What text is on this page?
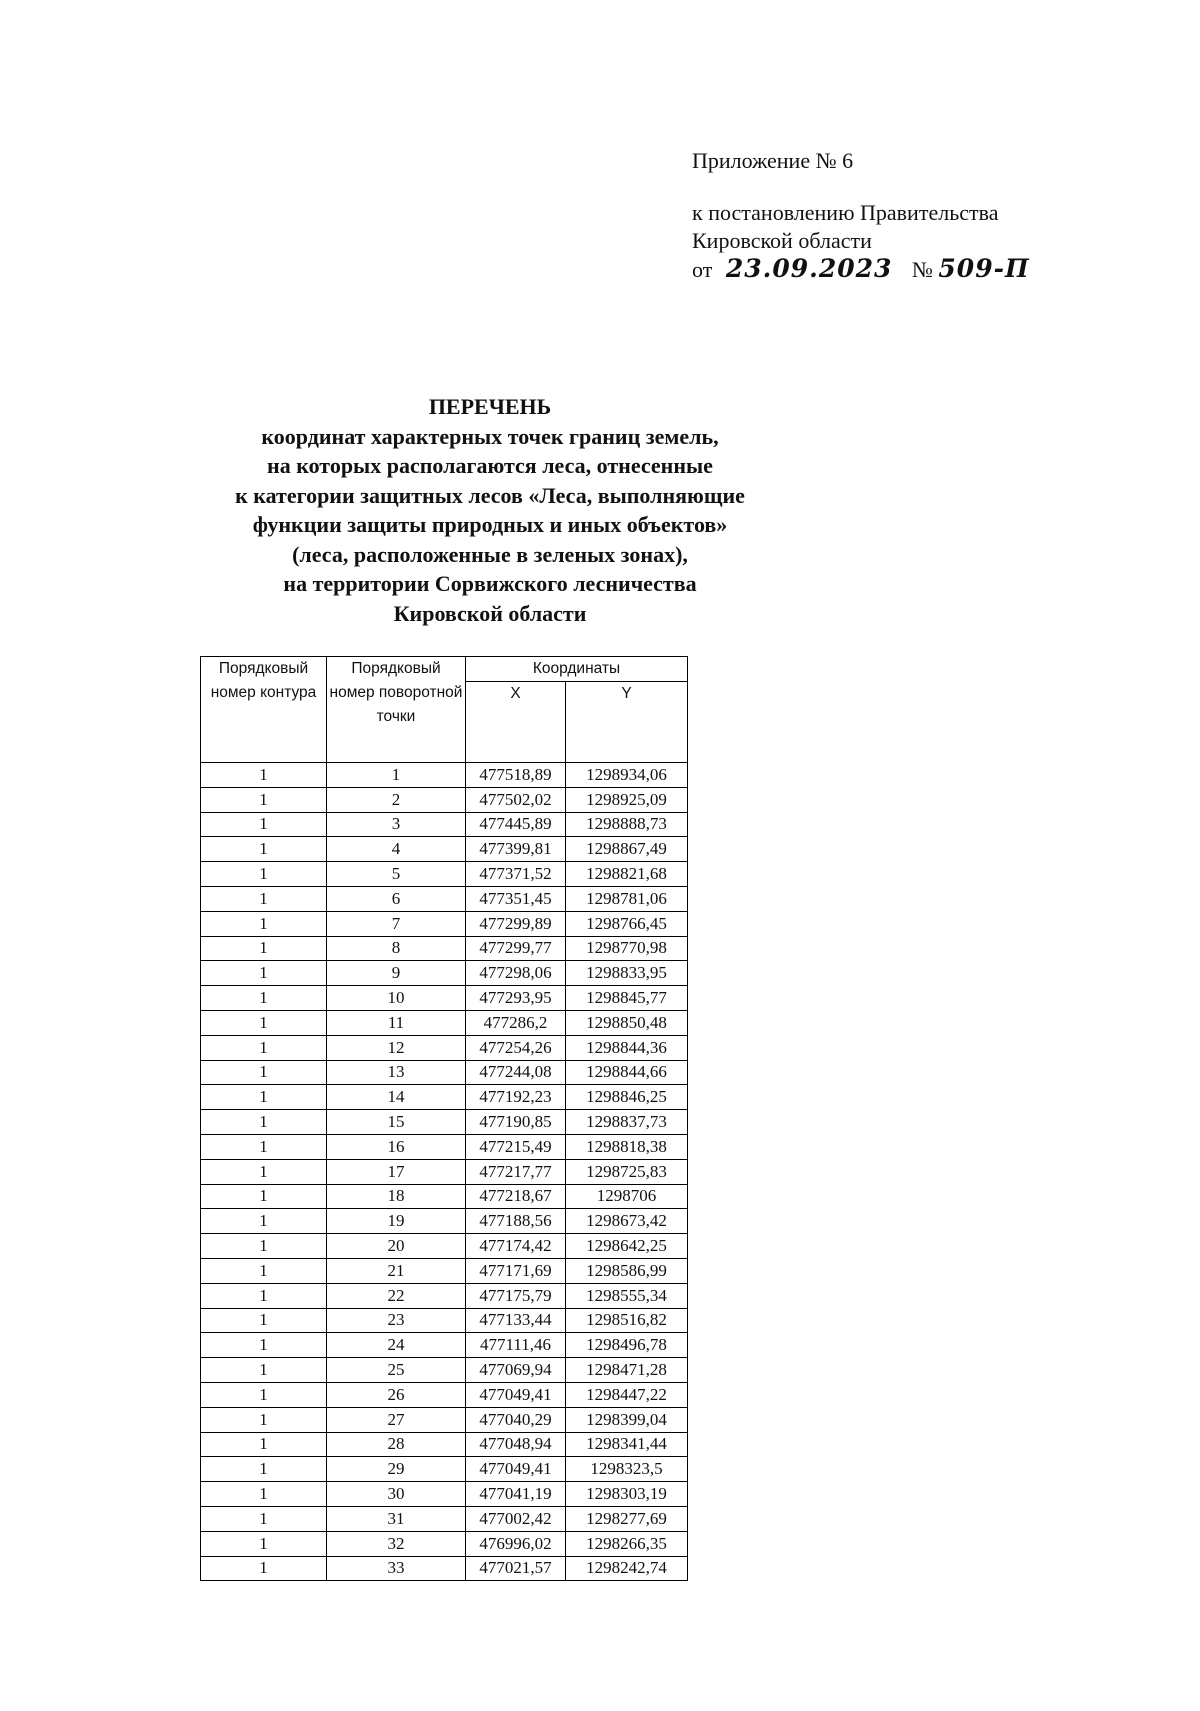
Приложение № 6
к постановлению Правительства
Кировской области
от 23.09.2023 № 509-П
ПЕРЕЧЕНЬ
координат характерных точек границ земель,
на которых располагаются леса, отнесенные
к категории защитных лесов «Леса, выполняющие
функции защиты природных и иных объектов»
(леса, расположенные в зеленых зонах),
на территории Сорвижского лесничества
Кировской области
Порядковый номер контура	Порядковый номер поворотной точки	Координаты	
		X	Y
1	1	477518,89	1298934,06
1	2	477502,02	1298925,09
1	3	477445,89	1298888,73
1	4	477399,81	1298867,49
1	5	477371,52	1298821,68
1	6	477351,45	1298781,06
1	7	477299,89	1298766,45
1	8	477299,77	1298770,98
1	9	477298,06	1298833,95
1	10	477293,95	1298845,77
1	11	477286,2	1298850,48
1	12	477254,26	1298844,36
1	13	477244,08	1298844,66
1	14	477192,23	1298846,25
1	15	477190,85	1298837,73
1	16	477215,49	1298818,38
1	17	477217,77	1298725,83
1	18	477218,67	1298706
1	19	477188,56	1298673,42
1	20	477174,42	1298642,25
1	21	477171,69	1298586,99
1	22	477175,79	1298555,34
1	23	477133,44	1298516,82
1	24	477111,46	1298496,78
1	25	477069,94	1298471,28
1	26	477049,41	1298447,22
1	27	477040,29	1298399,04
1	28	477048,94	1298341,44
1	29	477049,41	1298323,5
1	30	477041,19	1298303,19
1	31	477002,42	1298277,69
1	32	476996,02	1298266,35
1	33	477021,57	1298242,74
